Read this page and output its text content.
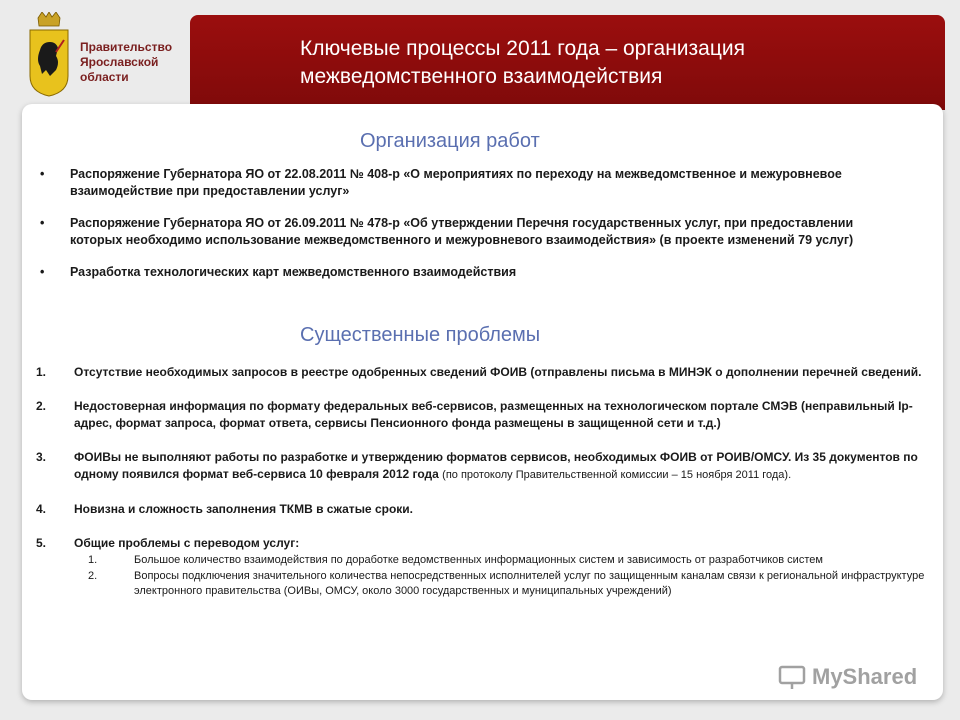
Правительство Ярославской области
Ключевые процессы 2011 года – организация межведомственного взаимодействия
Организация работ
• Распоряжение Губернатора ЯО от 22.08.2011 № 408-р «О мероприятиях по переходу на межведомственное и межуровневое взаимодействие при предоставлении услуг»
• Распоряжение Губернатора ЯО от 26.09.2011 № 478-р «Об утверждении Перечня государственных услуг, при предоставлении которых необходимо использование межведомственного и межуровневого взаимодействия» (в проекте изменений 79 услуг)
• Разработка технологических карт межведомственного взаимодействия
Существенные проблемы
1. Отсутствие необходимых запросов в реестре одобренных сведений ФОИВ (отправлены письма в МИНЭК о дополнении перечней сведений.
2. Недостоверная информация по формату федеральных веб-сервисов, размещенных на технологическом портале СМЭВ (неправильный Ip-адрес, формат запроса, формат ответа, сервисы Пенсионного фонда размещены в защищенной сети и т.д.)
3. ФОИВы не выполняют работы по разработке и утверждению форматов сервисов, необходимых ФОИВ от РОИВ/ОМСУ. Из 35 документов по одному появился формат веб-сервиса 10 февраля 2012 года (по протоколу Правительственной комиссии – 15 ноября 2011 года).
4. Новизна и сложность заполнения ТКМВ в сжатые сроки.
5. Общие проблемы с переводом услуг:
1.	Большое количество взаимодействия по доработке ведомственных информационных систем и зависимость от разработчиков систем
2.	Вопросы подключения значительного количества непосредственных исполнителей услуг по защищенным каналам связи к региональной инфраструктуре электронного правительства (ОИВы, ОМСУ, около 3000 государственных и муниципальных учреждений)
MyShared
